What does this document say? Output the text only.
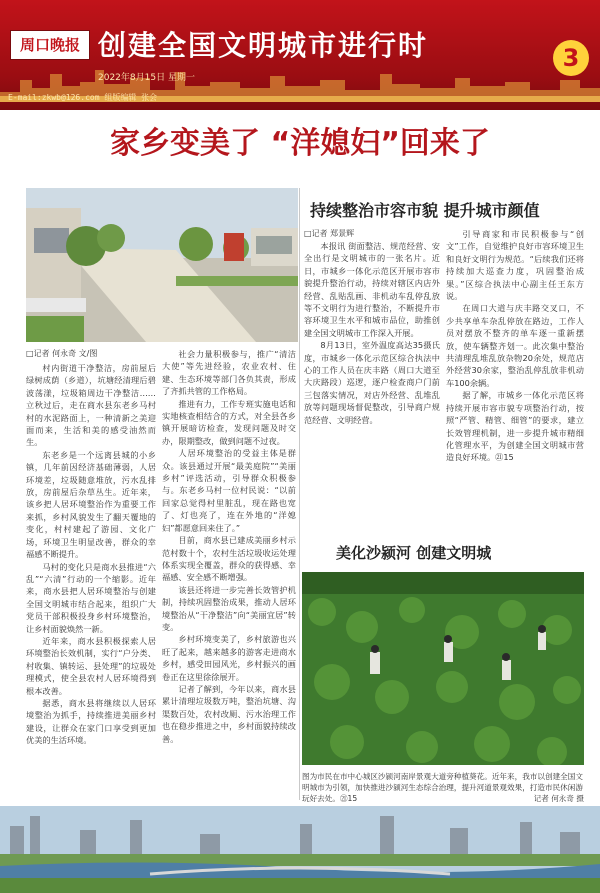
周口晚报 创建全国文明城市进行时	3
2022年8月15日 星期一
E-mail:zkwb@126.com 组版编辑 张会
家乡变美了 “洋媳妇”回来了
□记者 何永奇 文/图

村内街道干净整洁，房前屋后绿树成荫（乡道），坑塘经清理后碧波荡漾，垃圾箱周边干净整洁……立秋过后，走在商水县东老乡马村村的水泥路面上，一种清新之美迎面而来，生活和美的感受油然而生。

东老乡是一个远离县城的小乡镇，几年前因经济基础薄弱，人居环境差，垃圾随意堆放，污水乱排放，房前屋后杂草丛生。近年来，该乡把人居环境整治作为重要工作来抓，乡村风貌发生了翻天覆地的变化，村村建起了游园、文化广场，环境卫生明显改善，群众的幸福感不断提升。

马村的变化只是商水县推进“六乱”“六清”行动的一个缩影。近年来，商水县把人居环境整治与创建全国文明城市结合起来，组织广大党员干部积极投身乡村环境整治，让乡村面貌焕然一新。

近年来，商水县积极探索人居环境整治长效机制，实行“户分类、村收集、镇转运、县处理”的垃圾处理模式，使全县农村人居环境得到根本改善。

据悉，商水县将继续以人居环境整治为抓手，持续推进美丽乡村建设，让群众在家门口享受到更加优美的生活环境。

社会力量积极参与，推广“清洁大使”等先进经验，农业农村、住建、生态环境等部门各负其责，形成了齐抓共管的工作格局。

推进有力，工作专班实施电话和实地核查相结合的方式，对全县各乡镇开展暗访检查，发现问题及时交办，限期整改，做到问题不过夜。

人居环境整治的受益主体是群众。该县通过开展“最美庭院”“美丽乡村”评选活动，引导群众积极参与。东老乡马村一位村民说：“以前回家总觉得村里脏乱，现在路也宽了、灯也亮了，连在外地的“洋媳妇”都愿意回来住了。”

目前，商水县已建成美丽乡村示范村数十个，农村生活垃圾收运处理体系实现全覆盖，群众的获得感、幸福感、安全感不断增强。

该县还将进一步完善长效管护机制，持续巩固整治成果，推动人居环境整治从“干净整洁”向“美丽宜居”转变。

乡村环境变美了，乡村旅游也兴旺了起来，越来越多的游客走进商水乡村，感受田园风光，乡村振兴的画卷正在这里徐徐展开。

记者了解到，今年以来，商水县累计清理垃圾数万吨，整治坑塘、沟渠数百处，农村改厕、污水治理工作也在稳步推进之中，乡村面貌持续改善。

持续整治市容市貌 提升城市颜值
□记者 郑景辉

本报讯 街面整洁、规范经营、安全出行是文明城市的一张名片。近日，市城乡一体化示范区开展市容市貌提升整治行动，持续对辖区内店外经营、乱贴乱画、非机动车乱停乱放等不文明行为进行整治，不断提升市容环境卫生水平和城市品位，助推创建全国文明城市工作深入开展。

8月13日，室外温度高达35摄氏度，市城乡一体化示范区综合执法中心的工作人员在庆丰路（周口大道至大庆路段）巡逻，逐户检查商户门前三包落实情况，对店外经营、乱堆乱放等问题现场督促整改，引导商户规范经营、文明经营。

引导商家和市民积极参与“创文”工作，自觉维护良好市容环境卫生和良好文明行为规范。“后续我们还将持续加大巡查力度，巩固整治成果。”区综合执法中心副主任王东方说。

在周口大道与庆丰路交叉口，不少共享单车杂乱停放在路边，工作人员对摆放不整齐的单车逐一重新摆放，使车辆整齐划一。此次集中整治共清理乱堆乱放杂物20余处，规范店外经营30余家，整治乱停乱放非机动车100余辆。

据了解，市城乡一体化示范区将持续开展市容市貌专项整治行动，按照“严管、精管、细管”的要求，建立长效管理机制，进一步提升城市精细化管理水平，为创建全国文明城市营造良好环境。㉑15

美化沙颍河 创建文明城
图为市民在市中心城区沙颍河南岸景观大道旁种植葵花。近年来，我市以创建全国文明城市为引领，加快推进沙颍河生态综合治理，提升河道景观效果，打造市民休闲游玩好去处。㉑15	记者 何永奇 摄
